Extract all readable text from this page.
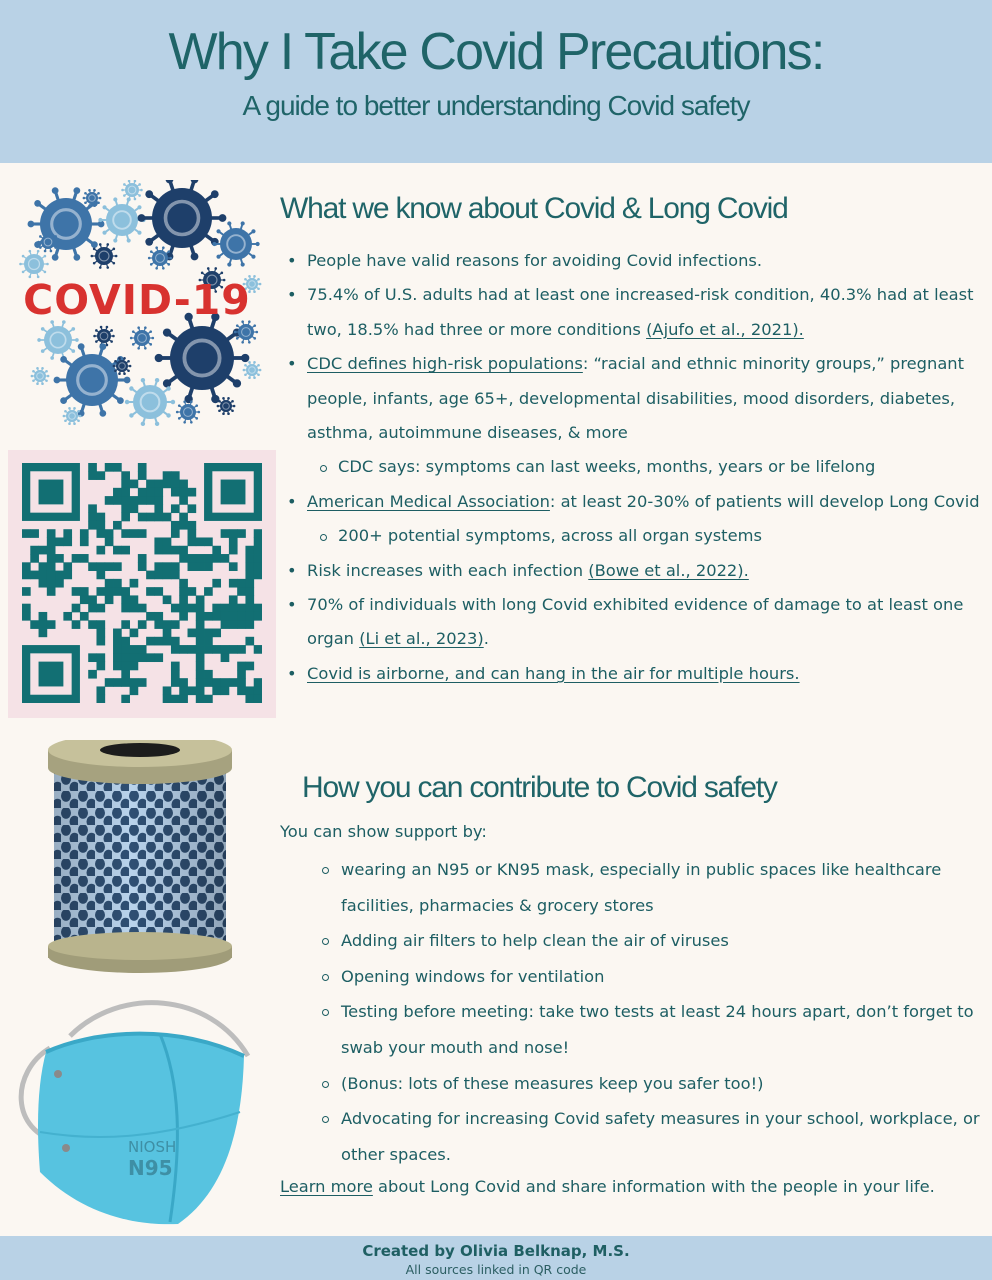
Why I Take Covid Precautions:
A guide to better understanding Covid safety
COVID-19
NIOSH
N95
What we know about Covid & Long Covid
• People have valid reasons for avoiding Covid infections.
• 75.4% of U.S. adults had at least one increased-risk condition, 40.3% had at least two, 18.5% had three or more conditions (Ajufo et al., 2021).
• CDC defines high-risk populations: “racial and ethnic minority groups,” pregnant people, infants, age 65+, developmental disabilities, mood disorders, diabetes, asthma, autoimmune diseases, & more
CDC says: symptoms can last weeks, months, years or be lifelong
• American Medical Association: at least 20-30% of patients will develop Long Covid
200+ potential symptoms, across all organ systems
• Risk increases with each infection (Bowe et al., 2022).
• 70% of individuals with long Covid exhibited evidence of damage to at least one organ (Li et al., 2023).
• Covid is airborne, and can hang in the air for multiple hours.
How you can contribute to Covid safety
You can show support by:
wearing an N95 or KN95 mask, especially in public spaces like healthcare facilities, pharmacies & grocery stores
Adding air filters to help clean the air of viruses
Opening windows for ventilation
Testing before meeting: take two tests at least 24 hours apart, don’t forget to swab your mouth and nose!
(Bonus: lots of these measures keep you safer too!)
Advocating for increasing Covid safety measures in your school, workplace, or other spaces.
Learn more about Long Covid and share information with the people in your life.
Created by Olivia Belknap, M.S.
All sources linked in QR code
